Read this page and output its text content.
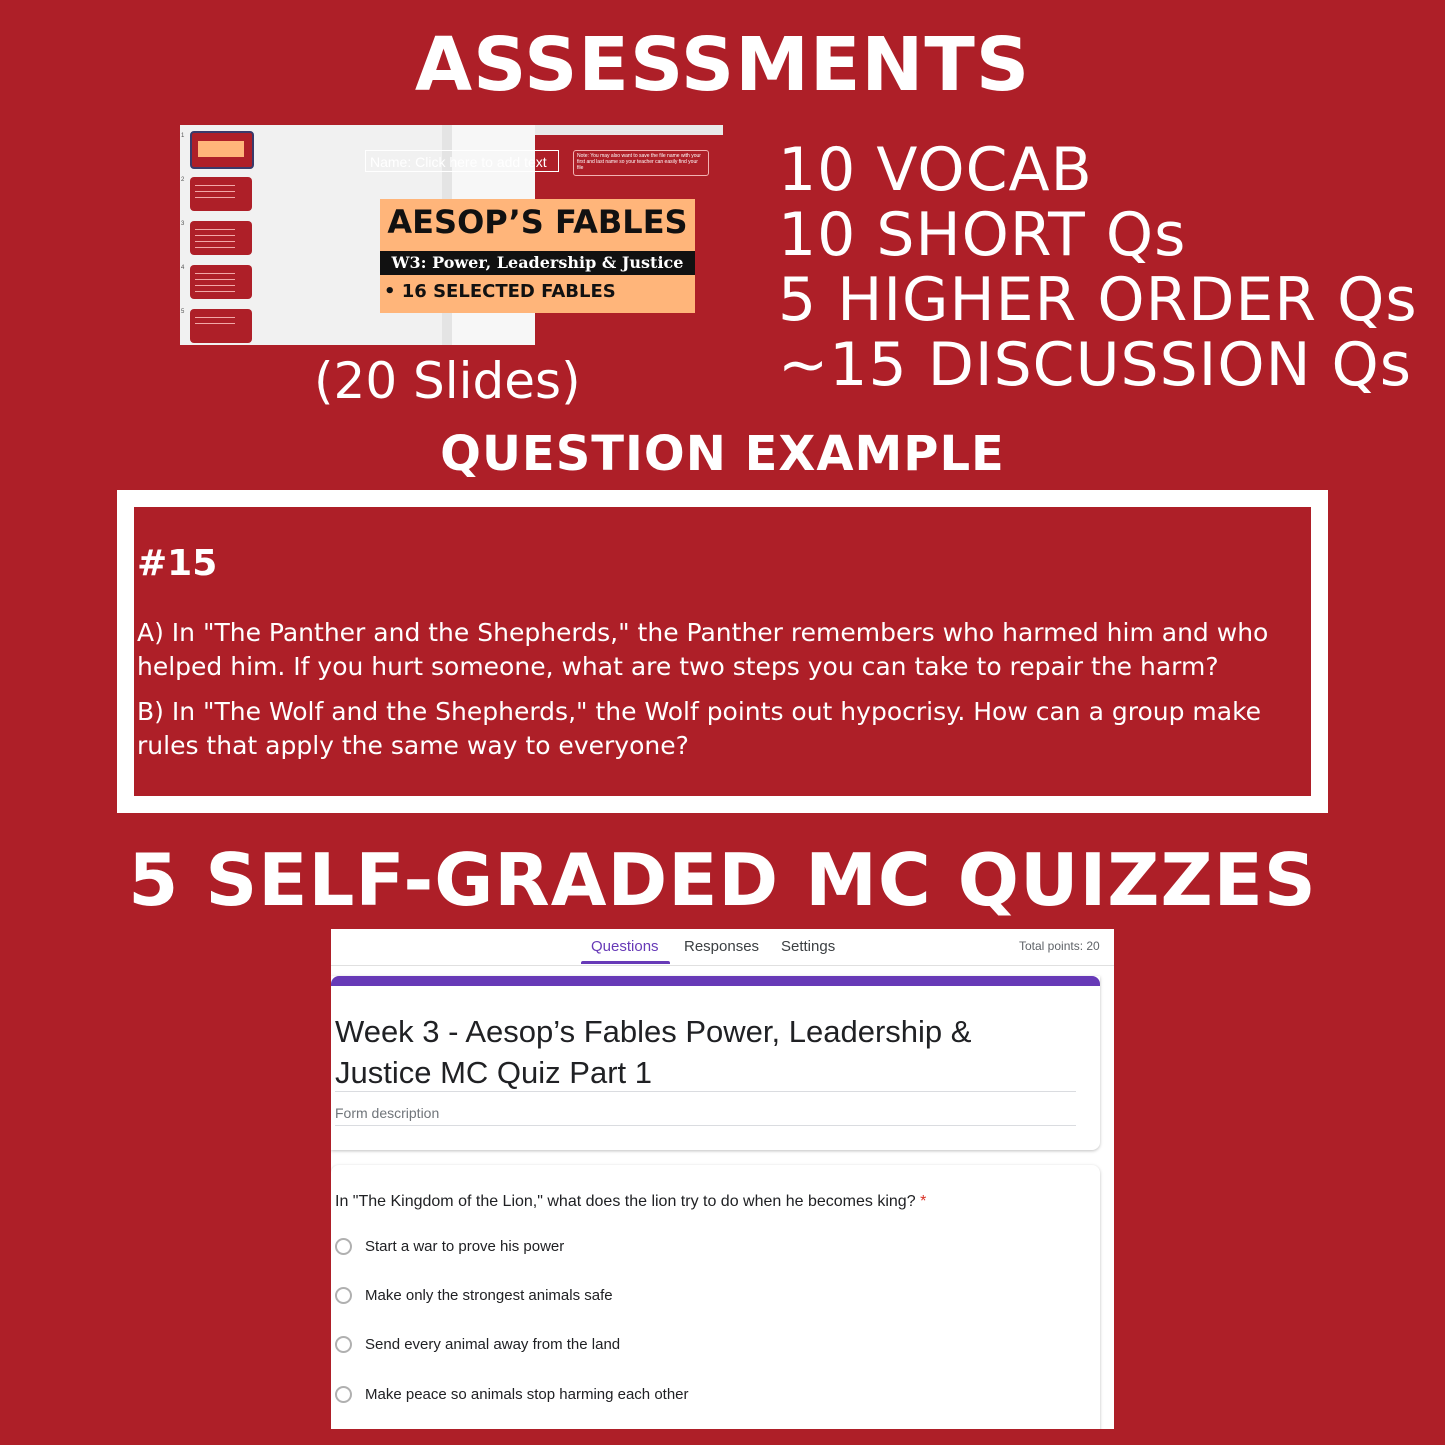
ASSESSMENTS
1
2
3
4
5
Name: Click here to add text	Note: You may also want to save the file name with your first and last name so your teacher can easily find your file
AESOP’S FABLES
W3: Power, Leadership & Justice
• 16 SELECTED FABLES
(20 Slides)
10 VOCAB
10 SHORT Qs
5 HIGHER ORDER Qs
~15 DISCUSSION Qs
QUESTION EXAMPLE
#15
A) In "The Panther and the Shepherds," the Panther remembers who harmed him and who helped him. If you hurt someone, what are two steps you can take to repair the harm?
B) In "The Wolf and the Shepherds," the Wolf points out hypocrisy. How can a group make rules that apply the same way to everyone?
5 SELF-GRADED MC QUIZZES
Questions Responses Settings	Total points: 20
Week 3 - Aesop’s Fables Power, Leadership & Justice MC Quiz Part 1
Form description
In "The Kingdom of the Lion," what does the lion try to do when he becomes king? *
Start a war to prove his power
Make only the strongest animals safe
Send every animal away from the land
Make peace so animals stop harming each other
